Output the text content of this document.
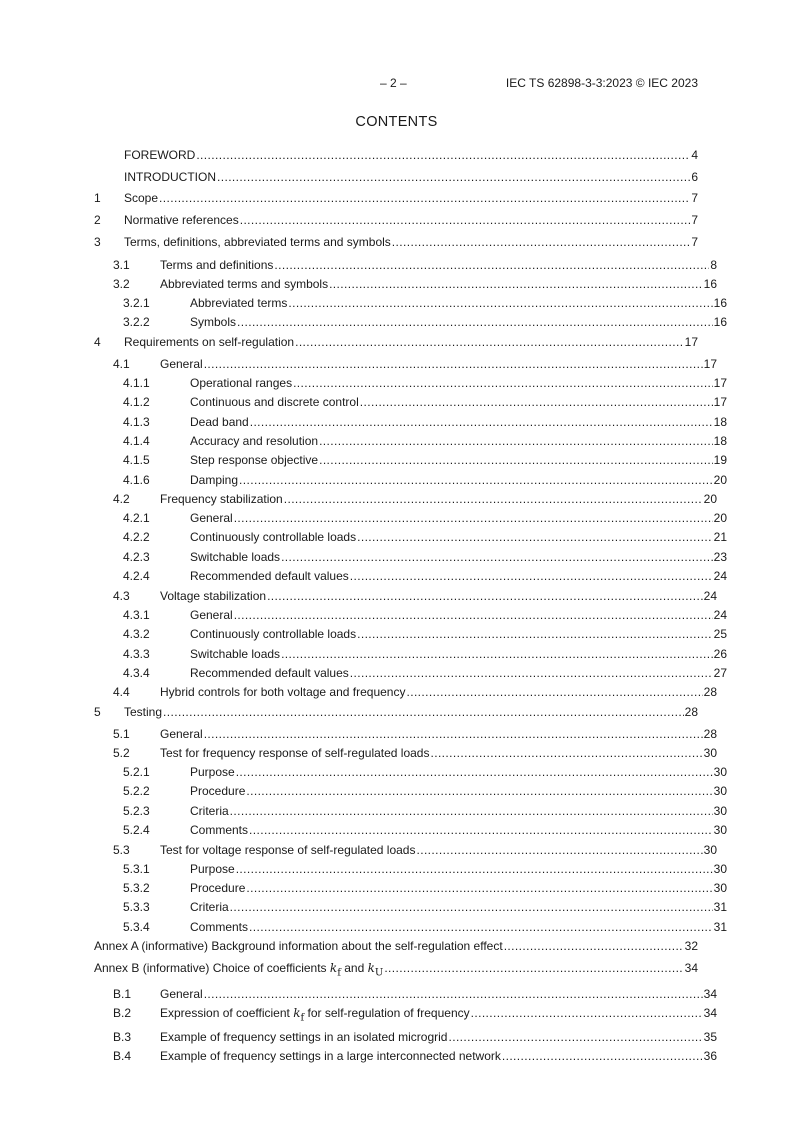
– 2 –	IEC TS 62898-3-3:2023 © IEC 2023
CONTENTS
FOREWORD .....	4
INTRODUCTION .....	6
1	Scope .....	7
2	Normative references .....	7
3	Terms, definitions, abbreviated terms and symbols .....	7
3.1	Terms and definitions .....	8
3.2	Abbreviated terms and symbols .....	16
3.2.1	Abbreviated terms .....	16
3.2.2	Symbols .....	16
4	Requirements on self-regulation .....	17
4.1	General .....	17
4.1.1	Operational ranges .....	17
4.1.2	Continuous and discrete control .....	17
4.1.3	Dead band .....	18
4.1.4	Accuracy and resolution .....	18
4.1.5	Step response objective .....	19
4.1.6	Damping .....	20
4.2	Frequency stabilization .....	20
4.2.1	General .....	20
4.2.2	Continuously controllable loads .....	21
4.2.3	Switchable loads .....	23
4.2.4	Recommended default values .....	24
4.3	Voltage stabilization .....	24
4.3.1	General .....	24
4.3.2	Continuously controllable loads .....	25
4.3.3	Switchable loads .....	26
4.3.4	Recommended default values .....	27
4.4	Hybrid controls for both voltage and frequency .....	28
5	Testing .....	28
5.1	General .....	28
5.2	Test for frequency response of self-regulated loads .....	30
5.2.1	Purpose .....	30
5.2.2	Procedure .....	30
5.2.3	Criteria .....	30
5.2.4	Comments .....	30
5.3	Test for voltage response of self-regulated loads .....	30
5.3.1	Purpose .....	30
5.3.2	Procedure .....	30
5.3.3	Criteria .....	31
5.3.4	Comments .....	31
Annex A (informative) Background information about the self-regulation effect .....	32
Annex B (informative) Choice of coefficients $k_f$ and $k_U$ .....	34
B.1	General .....	34
B.2	Expression of coefficient $k_f$ for self-regulation of frequency .....	34
B.3	Example of frequency settings in an isolated microgrid .....	35
B.4	Example of frequency settings in a large interconnected network .....	36
